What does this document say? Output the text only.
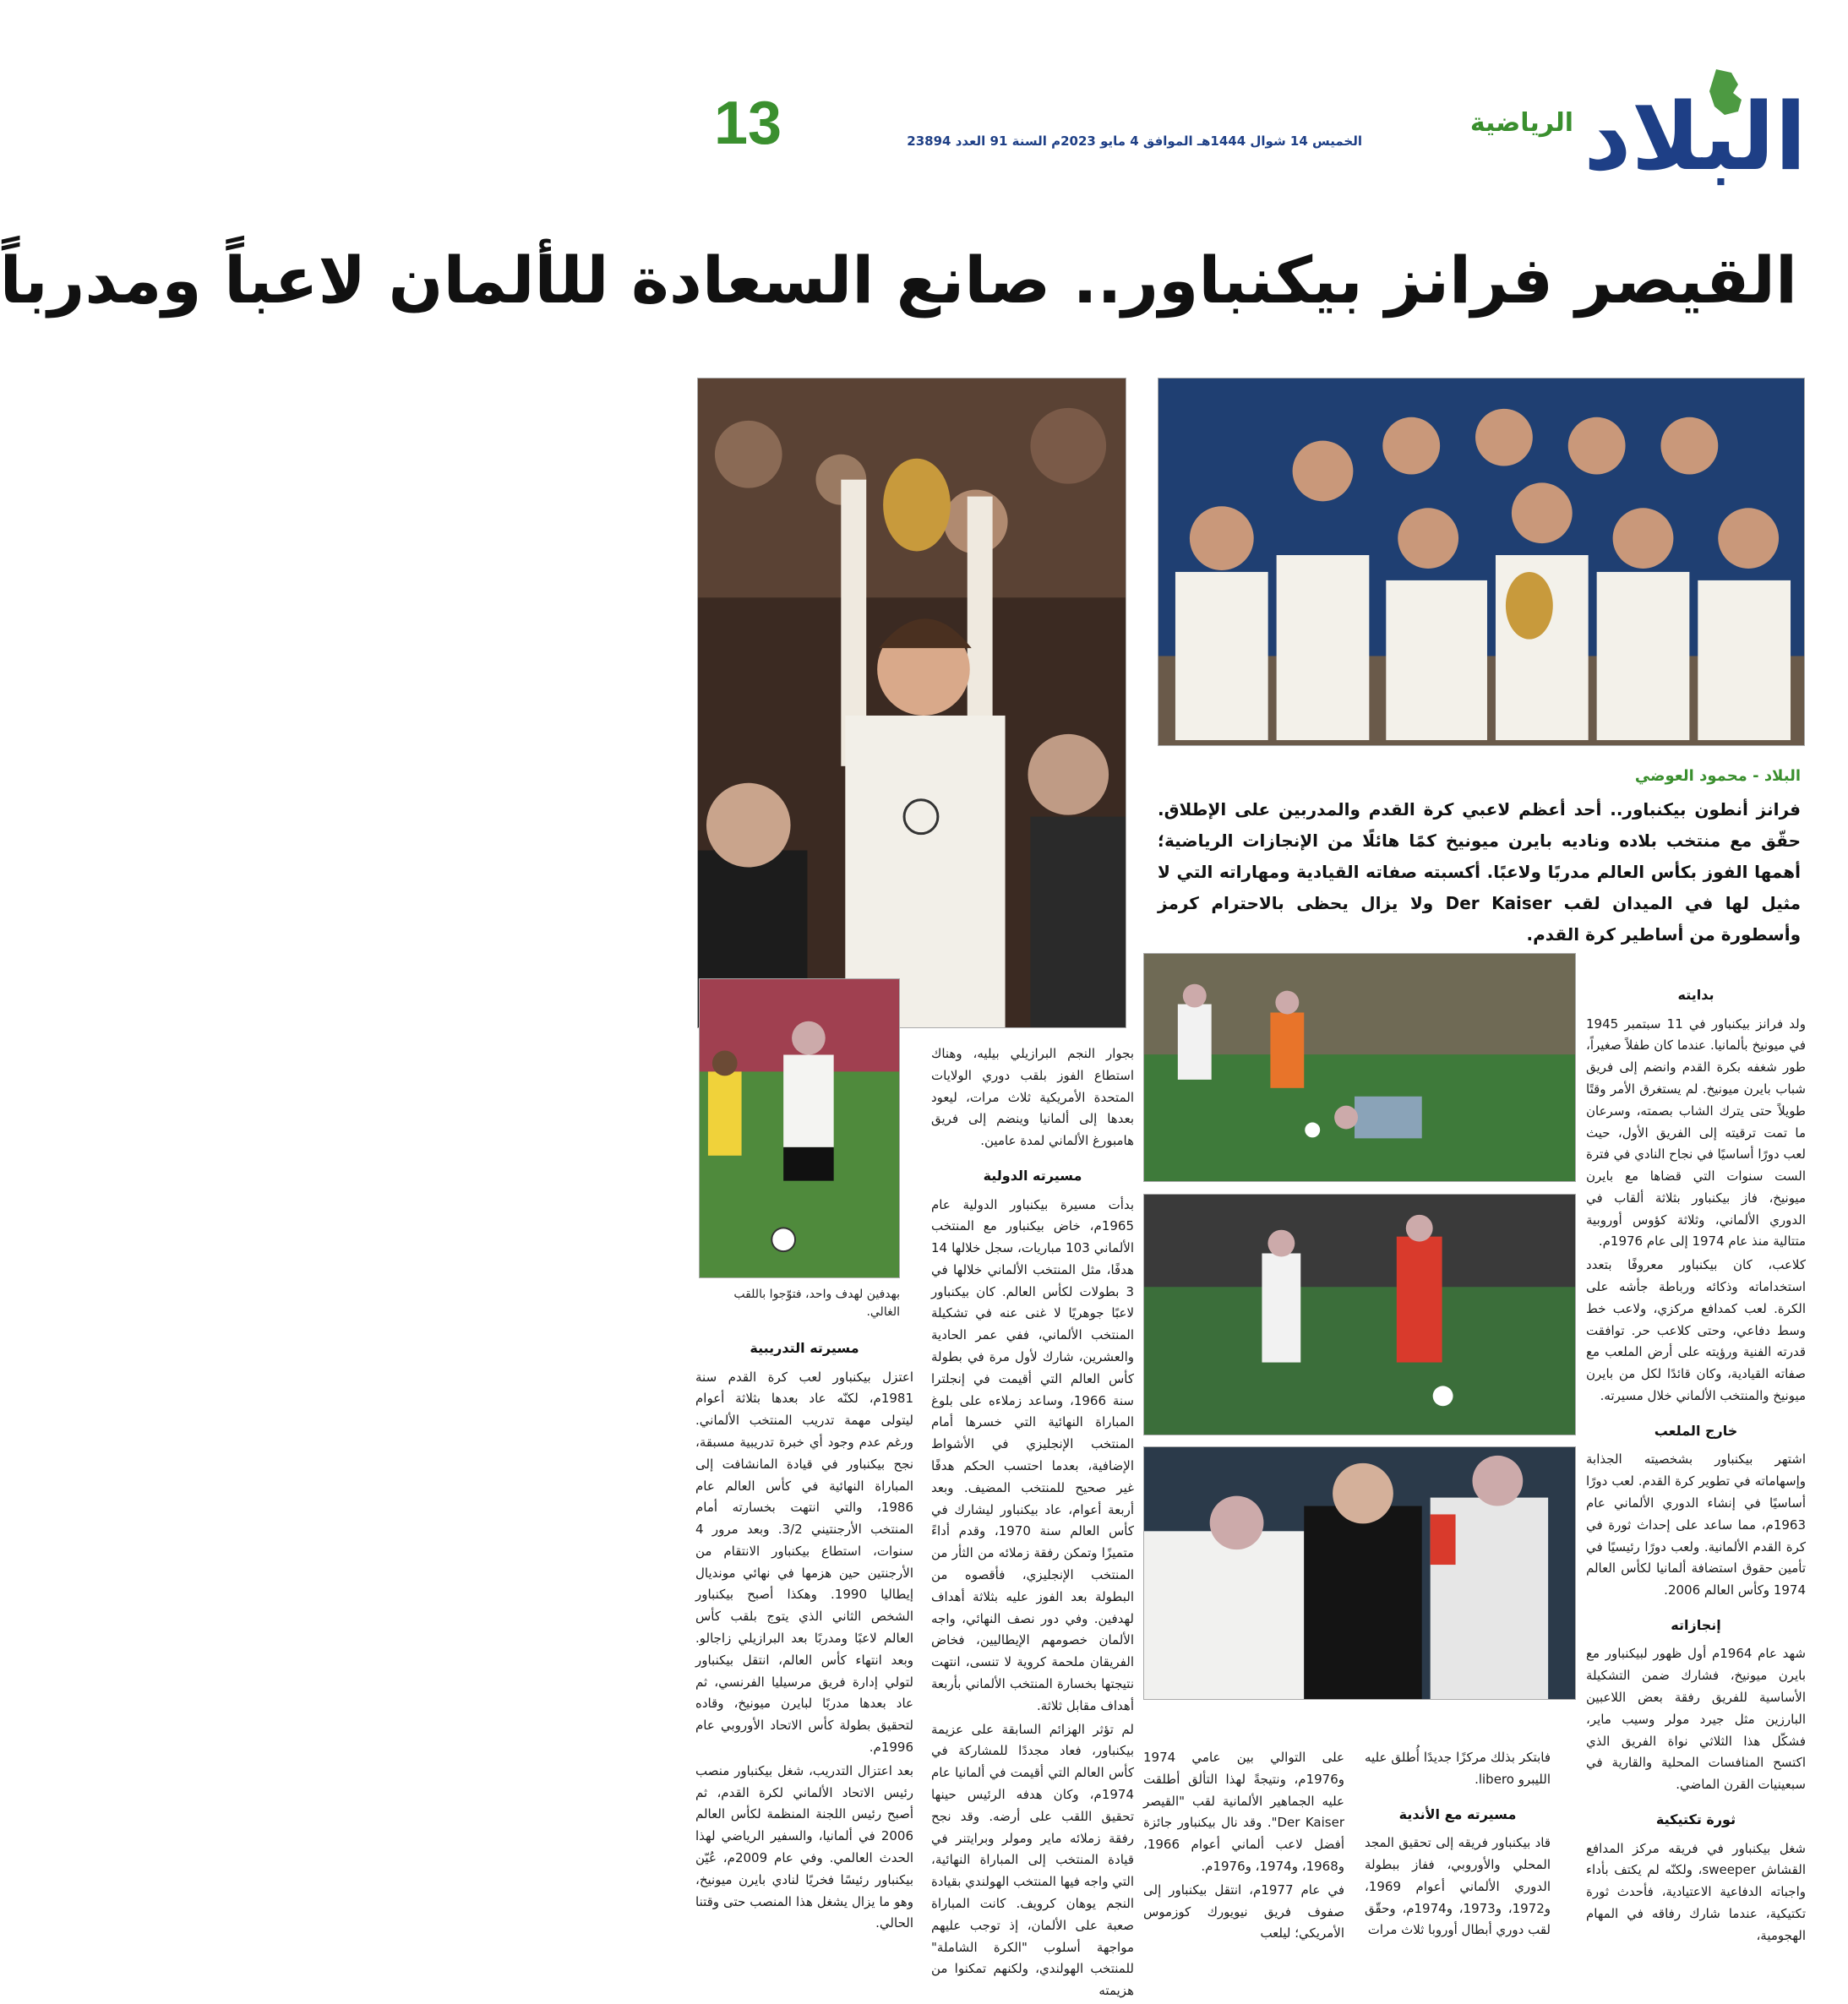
البلاد
الرياضية
الخميس 14 شوال 1444هـ الموافق 4 مايو 2023م السنة 91 العدد 23894
13
القيصر فرانز بيكنباور.. صانع السعادة للألمان لاعباً ومدرباً
بهدفين لهدف واحد، فتوّجوا باللقب الغالي.
البلاد - محمود العوضي

فرانز أنطون بيكنباور.. أحد أعظم لاعبي كرة القدم والمدربين على الإطلاق. حقّق مع منتخب بلاده وناديه بايرن ميونيخ كمًا هائلًا من الإنجازات الرياضية؛ أهمها الفوز بكأس العالم مدربًا ولاعبًا. أكسبته صفاته القيادية ومهاراته التي لا مثيل لها في الميدان لقب Der Kaiser ولا يزال يحظى بالاحترام كرمز وأسطورة من أساطير كرة القدم.

بدايته

ولد فرانز بيكنباور في 11 سبتمبر 1945 في ميونيخ بألمانيا. عندما كان طفلاً صغيراً، طور شغفه بكرة القدم وانضم إلى فريق شباب بايرن ميونيخ. لم يستغرق الأمر وقتًا طويلاً حتى يترك الشاب بصمته، وسرعان ما تمت ترقيته إلى الفريق الأول، حيث لعب دورًا أساسيًا في نجاح النادي في فترة الست سنوات التي قضاها مع بايرن ميونيخ، فاز بيكنباور بثلاثة ألقاب في الدوري الألماني، وثلاثة كؤوس أوروبية متتالية منذ عام 1974 إلى عام 1976م.

كلاعب، كان بيكنباور معروفًا بتعدد استخداماته وذكائه ورباطة جأشه على الكرة. لعب كمدافع مركزي، ولاعب خط وسط دفاعي، وحتى كلاعب حر. توافقت قدرته الفنية ورؤيته على أرض الملعب مع صفاته القيادية، وكان قائدًا لكل من بايرن ميونيخ والمنتخب الألماني خلال مسيرته.

خارج الملعب

اشتهر بيكنباور بشخصيته الجذابة وإسهاماته في تطوير كرة القدم. لعب دورًا أساسيًا في إنشاء الدوري الألماني عام 1963م، مما ساعد على إحداث ثورة في كرة القدم الألمانية. ولعب دورًا رئيسيًا في تأمين حقوق استضافة ألمانيا لكأس العالم 1974 وكأس العالم 2006.

إنجازاته

شهد عام 1964م أول ظهور لبيكنباور مع بايرن ميونيخ، فشارك ضمن التشكيلة الأساسية للفريق رفقة بعض اللاعبين البارزين مثل جيرد مولر وسيب ماير، فشكّل هذا الثلاثي نواة الفريق الذي اكتسح المنافسات المحلية والقارية في سبعينيات القرن الماضي.

ثورة تكتيكية

شغل بيكنباور في فريقه مركز المدافع القشاش sweeper، ولكنّه لم يكتف بأداء واجباته الدفاعية الاعتيادية، فأحدث ثورة تكتيكية، عندما شارك رفاقه في المهام الهجومية،

فابتكر بذلك مركزًا جديدًا أُطلق عليه الليبرو libero.

مسيرته مع الأندية

قاد بيكنباور فريقه إلى تحقيق المجد المحلي والأوروبي، ففاز ببطولة الدوري الألماني أعوام 1969، و1972، و1973، و1974م، وحقّق لقب دوري أبطال أوروبا ثلاث مرات

على التوالي بين عامي 1974 و1976م، ونتيجةً لهذا التألق أطلقت عليه الجماهير الألمانية لقب "القيصر Der Kaiser". وقد نال بيكنباور جائزة أفضل لاعب ألماني أعوام 1966، و1968، و1974، و1976م.

في عام 1977م، انتقل بيكنباور إلى صفوف فريق نيويورك كوزموس الأمريكي؛ ليلعب

بجوار النجم البرازيلي بيليه، وهناك استطاع الفوز بلقب دوري الولايات المتحدة الأمريكية ثلاث مرات، ليعود بعدها إلى ألمانيا وينضم إلى فريق هامبورغ الألماني لمدة عامين.

مسيرته الدولية

بدأت مسيرة بيكنباور الدولية عام 1965م، خاض بيكنباور مع المنتخب الألماني 103 مباريات، سجل خلالها 14 هدفًا، مثل المنتخب الألماني خلالها في 3 بطولات لكأس العالم. كان بيكنباور لاعبًا جوهريًا لا غنى عنه في تشكيلة المنتخب الألماني، ففي عمر الحادية والعشرين، شارك لأول مرة في بطولة كأس العالم التي أقيمت في إنجلترا سنة 1966، وساعد زملاءه على بلوغ المباراة النهائية التي خسرها أمام المنتخب الإنجليزي في الأشواط الإضافية، بعدما احتسب الحكم هدفًا غير صحيح للمنتخب المضيف. وبعد أربعة أعوام، عاد بيكنباور ليشارك في كأس العالم سنة 1970، وقدم أداءً متميزًا وتمكن رفقة زملائه من الثأر من المنتخب الإنجليزي، فأقصوه من البطولة بعد الفوز عليه بثلاثة أهداف لهدفين. وفي دور نصف النهائي، واجه الألمان خصومهم الإيطاليين، فخاض الفريقان ملحمة كروية لا تنسى، انتهت نتيجتها بخسارة المنتخب الألماني بأربعة أهداف مقابل ثلاثة.

لم تؤثر الهزائم السابقة على عزيمة بيكنباور، فعاد مجددًا للمشاركة في كأس العالم التي أقيمت في ألمانيا عام 1974م، وكان هدفه الرئيس حينها تحقيق اللقب على أرضه. وقد نجح رفقة زملائه ماير ومولر وبرايتنر في قيادة المنتخب إلى المباراة النهائية، التي واجه فيها المنتخب الهولندي بقيادة النجم يوهان كرويف. كانت المباراة صعبة على الألمان، إذ توجب عليهم مواجهة أسلوب "الكرة الشاملة" للمنتخب الهولندي، ولكنهم تمكنوا من هزيمته

مسيرته التدريبية

اعتزل بيكنباور لعب كرة القدم سنة 1981م، لكنّه عاد بعدها بثلاثة أعوام ليتولى مهمة تدريب المنتخب الألماني. ورغم عدم وجود أي خبرة تدريبية مسبقة، نجح بيكنباور في قيادة المانشافت إلى المباراة النهائية في كأس العالم عام 1986، والتي انتهت بخسارته أمام المنتخب الأرجنتيني 3/2. وبعد مرور 4 سنوات، استطاع بيكنباور الانتقام من الأرجنتين حين هزمها في نهائي مونديال إيطاليا 1990. وهكذا أصبح بيكنباور الشخص الثاني الذي يتوج بلقب كأس العالم لاعبًا ومدربًا بعد البرازيلي زاجالو. وبعد انتهاء كأس العالم، انتقل بيكنباور لتولي إدارة فريق مرسيليا الفرنسي، ثم عاد بعدها مدربًا لبايرن ميونيخ، وقاده لتحقيق بطولة كأس الاتحاد الأوروبي عام 1996م.

بعد اعتزال التدريب، شغل بيكنباور منصب رئيس الاتحاد الألماني لكرة القدم، ثم أصبح رئيس اللجنة المنظمة لكأس العالم 2006 في ألمانيا، والسفير الرياضي لهذا الحدث العالمي. وفي عام 2009م، عُيّن بيكنباور رئيسًا فخريًا لنادي بايرن ميونيخ، وهو ما يزال يشغل هذا المنصب حتى وقتنا الحالي.
